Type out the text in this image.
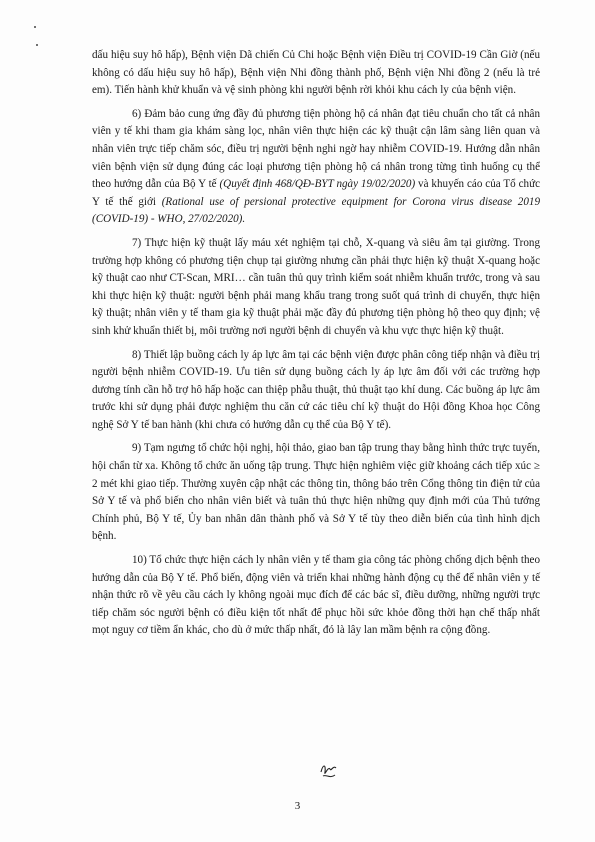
dấu hiệu suy hô hấp), Bệnh viện Dã chiến Củ Chi hoặc Bệnh viện Điều trị COVID-19 Cần Giờ (nếu không có dấu hiệu suy hô hấp), Bệnh viện Nhi đồng thành phố, Bệnh viện Nhi đồng 2 (nếu là trẻ em). Tiến hành khử khuẩn và vệ sinh phòng khi người bệnh rời khỏi khu cách ly của bệnh viện.

6) Đảm bảo cung ứng đầy đủ phương tiện phòng hộ cá nhân đạt tiêu chuẩn cho tất cả nhân viên y tế khi tham gia khám sàng lọc, nhân viên thực hiện các kỹ thuật cận lâm sàng liên quan và nhân viên trực tiếp chăm sóc, điều trị người bệnh nghi ngờ hay nhiễm COVID-19. Hướng dẫn nhân viên bệnh viện sử dụng đúng các loại phương tiện phòng hộ cá nhân trong từng tình huống cụ thể theo hướng dẫn của Bộ Y tế (Quyết định 468/QĐ-BYT ngày 19/02/2020) và khuyến cáo của Tổ chức Y tế thế giới (Rational use of persional protective equipment for Corona virus disease 2019 (COVID-19) - WHO, 27/02/2020).

7) Thực hiện kỹ thuật lấy máu xét nghiệm tại chỗ, X-quang và siêu âm tại giường. Trong trường hợp không có phương tiện chụp tại giường nhưng cần phải thực hiện kỹ thuật X-quang hoặc kỹ thuật cao như CT-Scan, MRI… cần tuân thủ quy trình kiểm soát nhiễm khuẩn trước, trong và sau khi thực hiện kỹ thuật: người bệnh phải mang khẩu trang trong suốt quá trình di chuyển, thực hiện kỹ thuật; nhân viên y tế tham gia kỹ thuật phải mặc đầy đủ phương tiện phòng hộ theo quy định; vệ sinh khử khuẩn thiết bị, môi trường nơi người bệnh di chuyển và khu vực thực hiện kỹ thuật.

8) Thiết lập buồng cách ly áp lực âm tại các bệnh viện được phân công tiếp nhận và điều trị người bệnh nhiễm COVID-19. Ưu tiên sử dụng buồng cách ly áp lực âm đối với các trường hợp dương tính cần hỗ trợ hô hấp hoặc can thiệp phẫu thuật, thủ thuật tạo khí dung. Các buồng áp lực âm trước khi sử dụng phải được nghiệm thu căn cứ các tiêu chí kỹ thuật do Hội đồng Khoa học Công nghệ Sở Y tế ban hành (khi chưa có hướng dẫn cụ thể của Bộ Y tế).

9) Tạm ngưng tổ chức hội nghị, hội thảo, giao ban tập trung thay bằng hình thức trực tuyến, hội chẩn từ xa. Không tổ chức ăn uống tập trung. Thực hiện nghiêm việc giữ khoảng cách tiếp xúc ≥ 2 mét khi giao tiếp. Thường xuyên cập nhật các thông tin, thông báo trên Cổng thông tin điện tử của Sở Y tế và phổ biến cho nhân viên biết và tuân thủ thực hiện những quy định mới của Thủ tướng Chính phủ, Bộ Y tế, Ủy ban nhân dân thành phố và Sở Y tế tùy theo diễn biến của tình hình dịch bệnh.

10) Tổ chức thực hiện cách ly nhân viên y tế tham gia công tác phòng chống dịch bệnh theo hướng dẫn của Bộ Y tế. Phổ biến, động viên và triển khai những hành động cụ thể để nhân viên y tế nhận thức rõ về yêu cầu cách ly không ngoài mục đích để các bác sĩ, điều dưỡng, những người trực tiếp chăm sóc người bệnh có điều kiện tốt nhất để phục hồi sức khỏe đồng thời hạn chế thấp nhất mọt nguy cơ tiềm ẩn khác, cho dù ở mức thấp nhất, đó là lây lan mầm bệnh ra cộng đồng.

3
